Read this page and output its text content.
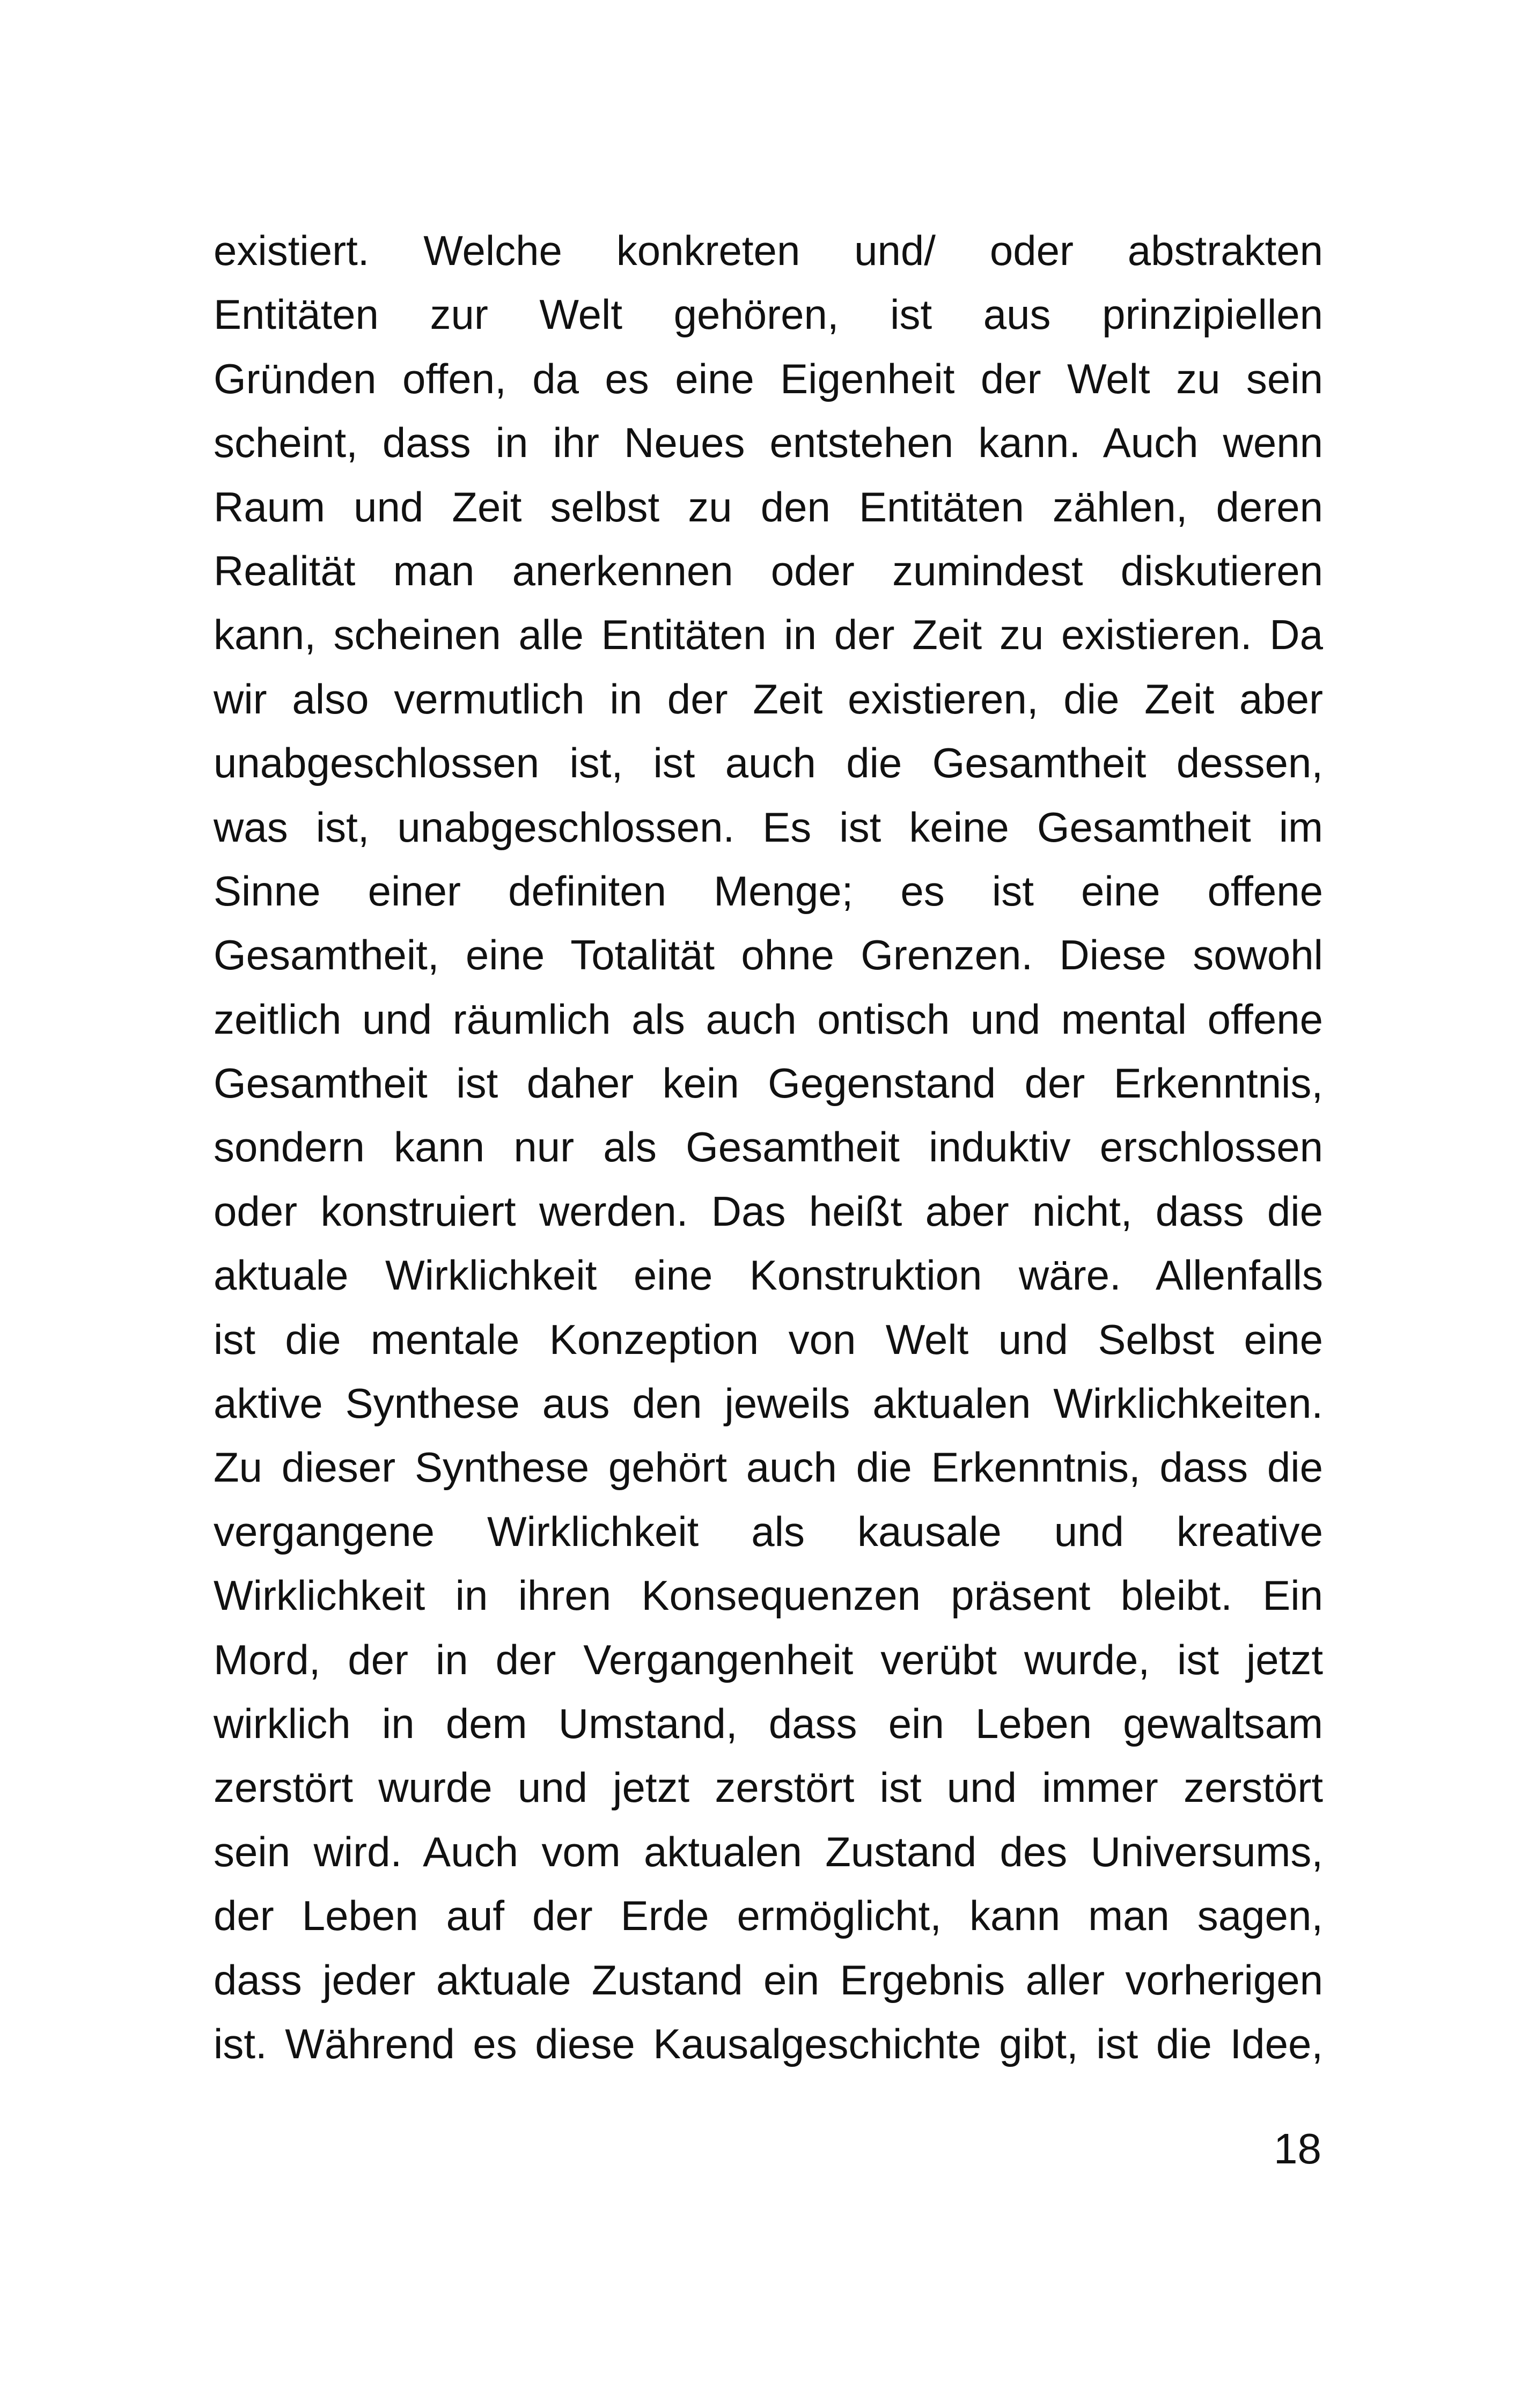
existiert. Welche konkreten und/ oder abstrakten
Entitäten zur Welt gehören, ist aus prinzipiellen
Gründen offen, da es eine Eigenheit der Welt zu sein
scheint, dass in ihr Neues entstehen kann. Auch wenn
Raum und Zeit selbst zu den Entitäten zählen, deren
Realität man anerkennen oder zumindest diskutieren
kann, scheinen alle Entitäten in der Zeit zu existieren. Da
wir also vermutlich in der Zeit existieren, die Zeit aber
unabgeschlossen ist, ist auch die Gesamtheit dessen,
was ist, unabgeschlossen. Es ist keine Gesamtheit im
Sinne einer definiten Menge; es ist eine offene
Gesamtheit, eine Totalität ohne Grenzen. Diese sowohl
zeitlich und räumlich als auch ontisch und mental offene
Gesamtheit ist daher kein Gegenstand der Erkenntnis,
sondern kann nur als Gesamtheit induktiv erschlossen
oder konstruiert werden. Das heißt aber nicht, dass die
aktuale Wirklichkeit eine Konstruktion wäre. Allenfalls
ist die mentale Konzeption von Welt und Selbst eine
aktive Synthese aus den jeweils aktualen Wirklichkeiten.
Zu dieser Synthese gehört auch die Erkenntnis, dass die
vergangene Wirklichkeit als kausale und kreative
Wirklichkeit in ihren Konsequenzen präsent bleibt. Ein
Mord, der in der Vergangenheit verübt wurde, ist jetzt
wirklich in dem Umstand, dass ein Leben gewaltsam
zerstört wurde und jetzt zerstört ist und immer zerstört
sein wird. Auch vom aktualen Zustand des Universums,
der Leben auf der Erde ermöglicht, kann man sagen,
dass jeder aktuale Zustand ein Ergebnis aller vorherigen
ist. Während es diese Kausalgeschichte gibt, ist die Idee,
18
